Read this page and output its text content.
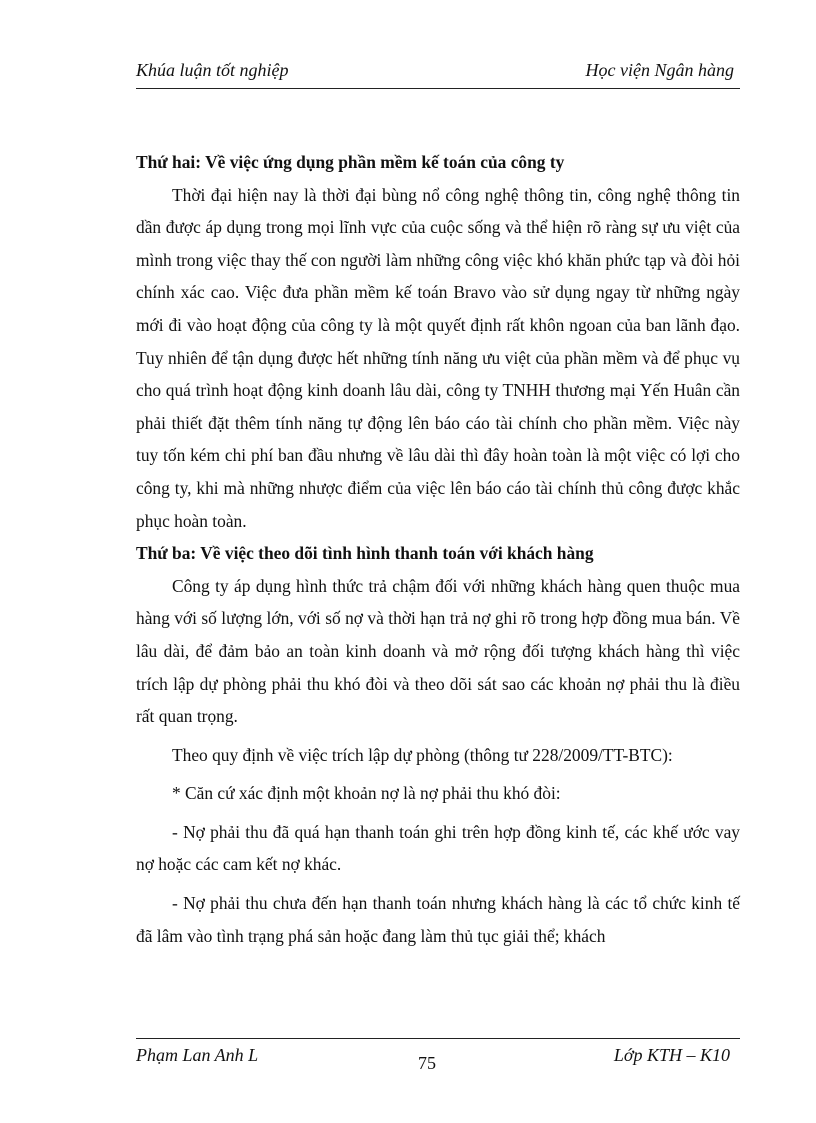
Khúa luận tốt nghiệp	Học viện Ngân hàng

Thứ hai: Về việc ứng dụng phần mềm kế toán của công ty

Thời đại hiện nay là thời đại bùng nổ công nghệ thông tin, công nghệ thông tin dần được áp dụng trong mọi lĩnh vực của cuộc sống và thể hiện rõ ràng sự ưu việt của mình trong việc thay thế con người làm những công việc khó khăn phức tạp và đòi hỏi chính xác cao. Việc đưa phần mềm kế toán Bravo vào sử dụng ngay từ những ngày mới đi vào hoạt động của công ty là một quyết định rất khôn ngoan của ban lãnh đạo. Tuy nhiên để tận dụng được hết những tính năng ưu việt của phần mềm và để phục vụ cho quá trình hoạt động kinh doanh lâu dài, công ty TNHH thương mại Yến Huân cần phải thiết đặt thêm tính năng tự động lên báo cáo tài chính cho phần mềm. Việc này tuy tốn kém chi phí ban đầu nhưng về lâu dài thì đây hoàn toàn là một việc có lợi cho công ty, khi mà những nhược điểm của việc lên báo cáo tài chính thủ công được khắc phục hoàn toàn.

Thứ ba: Về việc theo dõi tình hình thanh toán với khách hàng

Công ty áp dụng hình thức trả chậm đối với những khách hàng quen thuộc mua hàng với số lượng lớn, với số nợ và thời hạn trả nợ ghi rõ trong hợp đồng mua bán. Về lâu dài, để đảm bảo an toàn kinh doanh và mở rộng đối tượng khách hàng thì việc trích lập dự phòng phải thu khó đòi và theo dõi sát sao các khoản nợ phải thu là điều rất quan trọng.

Theo quy định về việc trích lập dự phòng (thông tư 228/2009/TT-BTC):

* Căn cứ xác định một khoản nợ là nợ phải thu khó đòi:

- Nợ phải thu đã quá hạn thanh toán ghi trên hợp đồng kinh tế, các khế ước vay nợ hoặc các cam kết nợ khác.

- Nợ phải thu chưa đến hạn thanh toán nhưng khách hàng là các tổ chức kinh tế đã lâm vào tình trạng phá sản hoặc đang làm thủ tục giải thể; khách

Phạm Lan Anh L	75	Lớp KTH – K10
